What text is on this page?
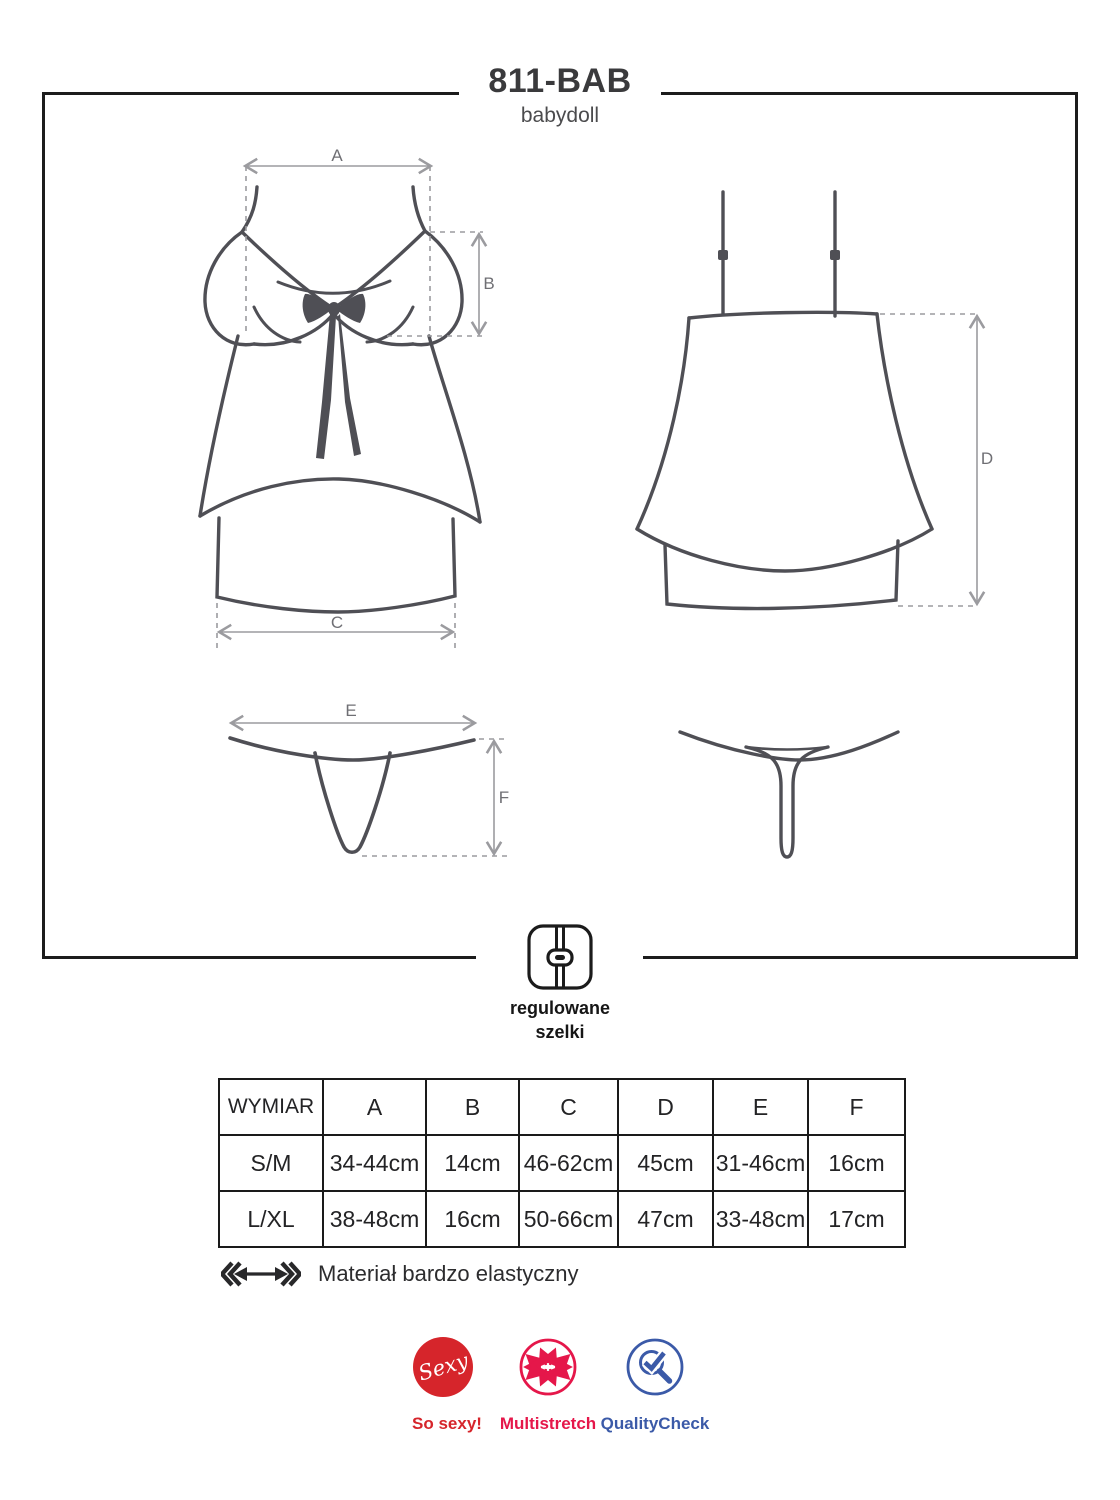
811-BAB
babydoll
A
B
C
D
E
F
regulowane
szelki
WYMIAR	A	B	C	D	E	F
S/M	34-44cm	14cm	46-62cm	45cm	31-46cm	16cm
L/XL	38-48cm	16cm	50-66cm	47cm	33-48cm	17cm
Materiał bardzo elastyczny
Sexy
So sexy! Multistretch QualityCheck
